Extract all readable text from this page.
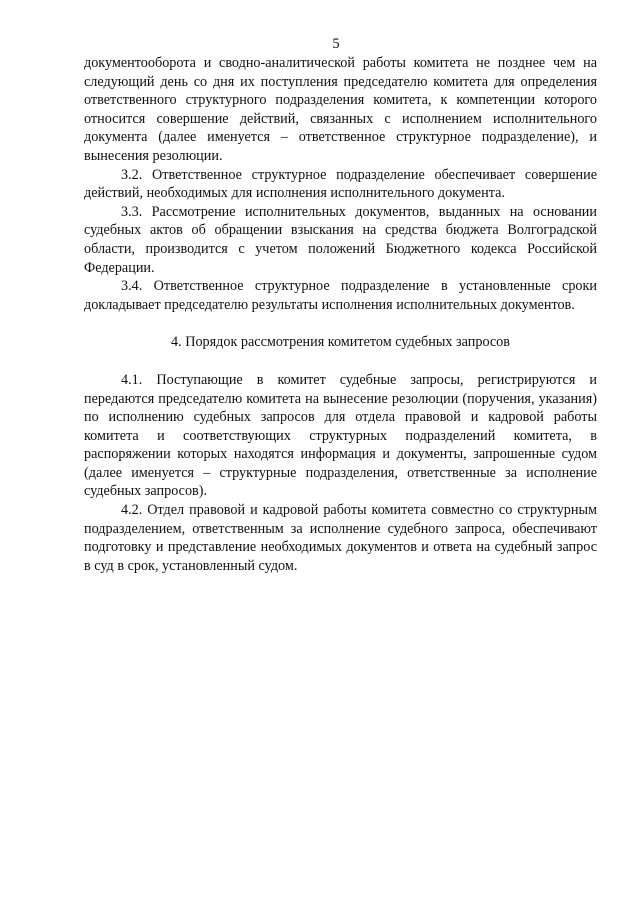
5

документооборота и сводно-аналитической работы комитета не позднее чем на следующий день со дня их поступления председателю комитета для определения ответственного структурного подразделения комитета, к компетенции которого относится совершение действий, связанных с исполнением исполнительного документа (далее именуется – ответственное структурное подразделение), и вынесения резолюции.

3.2. Ответственное структурное подразделение обеспечивает совершение действий, необходимых для исполнения исполнительного документа.

3.3. Рассмотрение исполнительных документов, выданных на основании судебных актов об обращении взыскания на средства бюджета Волгоградской области, производится с учетом положений Бюджетного кодекса Российской Федерации.

3.4. Ответственное структурное подразделение в установленные сроки докладывает председателю результаты исполнения исполнительных документов.

4. Порядок рассмотрения комитетом судебных запросов

4.1. Поступающие в комитет судебные запросы, регистрируются и передаются председателю комитета на вынесение резолюции (поручения, указания) по исполнению судебных запросов для отдела правовой и кадровой работы комитета и соответствующих структурных подразделений комитета, в распоряжении которых находятся информация и документы, запрошенные судом (далее именуется – структурные подразделения, ответственные за исполнение судебных запросов).

4.2. Отдел правовой и кадровой работы комитета совместно со структурным подразделением, ответственным за исполнение судебного запроса, обеспечивают подготовку и представление необходимых документов и ответа на судебный запрос в суд в срок, установленный судом.
